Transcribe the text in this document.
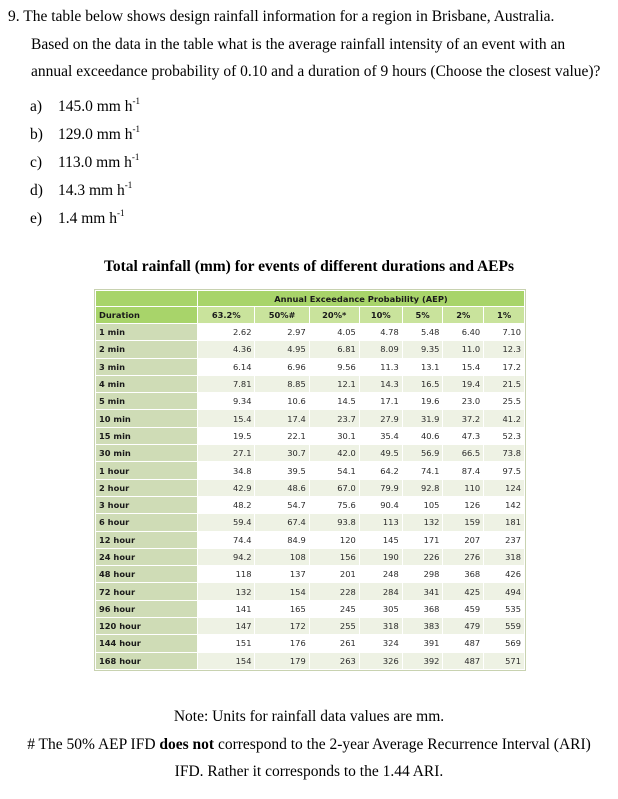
9. The table below shows design rainfall information for a region in Brisbane, Australia.
Based on the data in the table what is the average rainfall intensity of an event with an
annual exceedance probability of 0.10 and a duration of 9 hours (Choose the closest value)?
a) 145.0 mm $h^{-1}$
b) 129.0 mm $h^{-1}$
c) 113.0 mm $h^{-1}$
d) 14.3 mm $h^{-1}$
e) 1.4 mm $h^{-1}$
Total rainfall (mm) for events of different durations and AEPs
	Annual Exceedance Probability (AEP)						
Duration	63.2%	50%#	20%*	10%	5%	2%	1%
1 min	2.62	2.97	4.05	4.78	5.48	6.40	7.10
2 min	4.36	4.95	6.81	8.09	9.35	11.0	12.3
3 min	6.14	6.96	9.56	11.3	13.1	15.4	17.2
4 min	7.81	8.85	12.1	14.3	16.5	19.4	21.5
5 min	9.34	10.6	14.5	17.1	19.6	23.0	25.5
10 min	15.4	17.4	23.7	27.9	31.9	37.2	41.2
15 min	19.5	22.1	30.1	35.4	40.6	47.3	52.3
30 min	27.1	30.7	42.0	49.5	56.9	66.5	73.8
1 hour	34.8	39.5	54.1	64.2	74.1	87.4	97.5
2 hour	42.9	48.6	67.0	79.9	92.8	110	124
3 hour	48.2	54.7	75.6	90.4	105	126	142
6 hour	59.4	67.4	93.8	113	132	159	181
12 hour	74.4	84.9	120	145	171	207	237
24 hour	94.2	108	156	190	226	276	318
48 hour	118	137	201	248	298	368	426
72 hour	132	154	228	284	341	425	494
96 hour	141	165	245	305	368	459	535
120 hour	147	172	255	318	383	479	559
144 hour	151	176	261	324	391	487	569
168 hour	154	179	263	326	392	487	571
Note: Units for rainfall data values are mm.
# The 50% AEP IFD does not correspond to the 2-year Average Recurrence Interval (ARI)
IFD. Rather it corresponds to the 1.44 ARI.
